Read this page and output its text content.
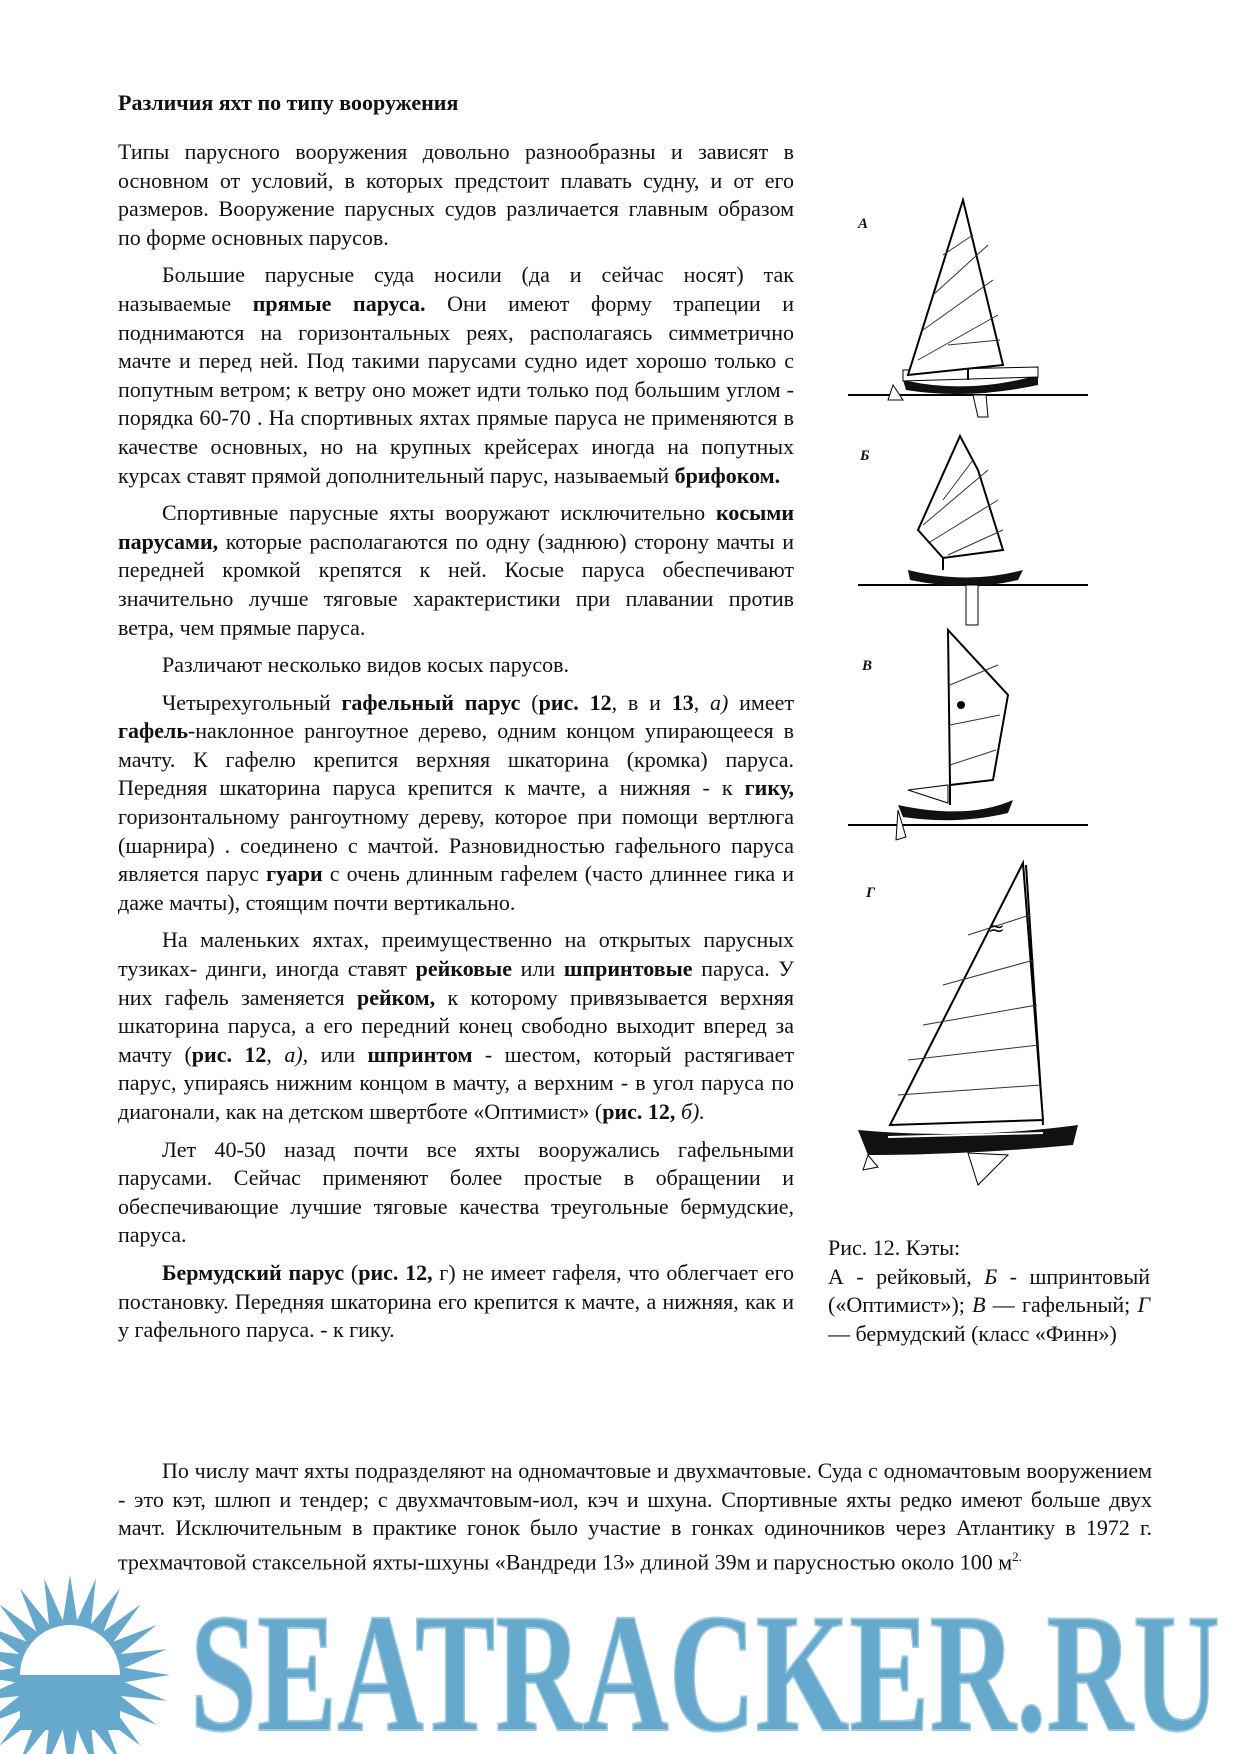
Различия яхт по типу вооружения

Типы парусного вооружения довольно разнообразны и зависят в основном от условий, в которых предстоит плавать судну, и от его размеров. Вооружение парусных судов различается главным образом по форме основных парусов.

Большие парусные суда носили (да и сейчас носят) так называемые прямые паруса. Они имеют форму трапеции и поднимаются на горизонтальных реях, располагаясь симметрично мачте и перед ней. Под такими парусами судно идет хорошо только с попутным ветром; к ветру оно может идти только под большим углом - порядка 60-70 . На спортивных яхтах прямые паруса не применяются в качестве основных, но на крупных крейсерах иногда на попутных курсах ставят прямой дополнительный парус, называемый брифоком.

Спортивные парусные яхты вооружают исключительно косыми парусами, которые располагаются по одну (заднюю) сторону мачты и передней кромкой крепятся к ней. Косые паруса обеспечивают значительно лучше тяговые характеристики при плавании против ветра, чем прямые паруса.

Различают несколько видов косых парусов.

Четырехугольный гафельный парус (рис. 12, в и 13, а) имеет гафель-наклонное рангоутное дерево, одним концом упирающееся в мачту. К гафелю крепится верхняя шкаторина (кромка) паруса. Передняя шкаторина паруса крепится к мачте, а нижняя - к гику, горизонтальному рангоутному дереву, которое при помощи вертлюга (шарнира) . соединено с мачтой. Разновидностью гафельного паруса является парус гуари с очень длинным гафелем (часто длиннее гика и даже мачты), стоящим почти вертикально.

На маленьких яхтах, преимущественно на открытых парусных тузиках- динги, иногда ставят рейковые или шпринтовые паруса. У них гафель заменяется рейком, к которому привязывается верхняя шкаторина паруса, а его передний конец свободно выходит вперед за мачту (рис. 12, а), или шпринтом - шестом, который растягивает парус, упираясь нижним концом в мачту, а верхним - в угол паруса по диагонали, как на детском швертботе «Оптимист» (рис. 12, б).

Лет 40-50 назад почти все яхты вооружались гафельными парусами. Сейчас применяют более простые в обращении и обеспечивающие лучшие тяговые качества треугольные бермудские, паруса.

Бермудский парус (рис. 12, г) не имеет гафеля, что облегчает его постановку. Передняя шкаторина его крепится к мачте, а нижняя, как и у гафельного паруса. - к гику.

А
Б
В
Г
≈
Рис. 12. Кэты:
А - рейковый, Б - шпринтовый («Оптимист»); В — гафельный; Г — бермудский (класс «Финн»)

По числу мачт яхты подразделяют на одномачтовые и двухмачтовые. Суда с одномачтовым вооружением - это кэт, шлюп и тендер; с двухмачтовым-иол, кэч и шхуна. Спортивные яхты редко имеют больше двух мачт. Исключительным в практике гонок было участие в гонках одиночников через Атлантику в 1972 г. трехмачтовой стаксельной яхты-шхуны «Вандреди 13» длиной 39м и парусностью около 100 $м^{2.}$

SEATRACKER.RU
